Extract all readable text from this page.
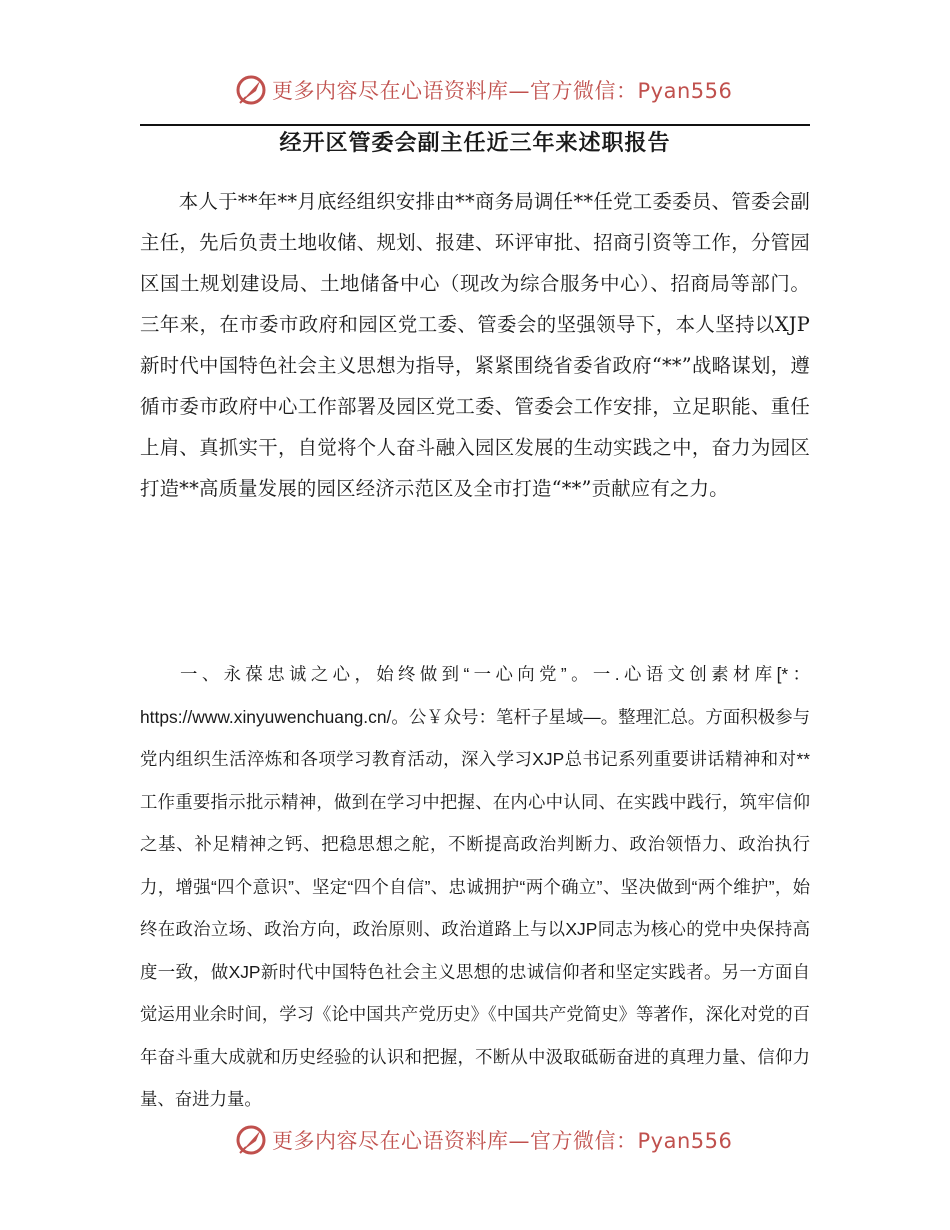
更多内容尽在心语资料库—官方微信：Pyan556
经开区管委会副主任近三年来述职报告

本人于**年**月底经组织安排由**商务局调任**任党工委委员、管委会副主任，先后负责土地收储、规划、报建、环评审批、招商引资等工作，分管园区国土规划建设局、土地储备中心（现改为综合服务中心）、招商局等部门。三年来，在市委市政府和园区党工委、管委会的坚强领导下，本人坚持以XJP新时代中国特色社会主义思想为指导，紧紧围绕省委省政府“**”战略谋划，遵循市委市政府中心工作部署及园区党工委、管委会工作安排，立足职能、重任上肩、真抓实干，自觉将个人奋斗融入园区发展的生动实践之中，奋力为园区打造**高质量发展的园区经济示范区及全市打造“**”贡献应有之力。

一、永葆忠诚之心，始终做到“一心向党”。一.心语文创素材库[*：https://www.xinyuwenchuang.cn/。公￥众号：笔杆子星域—。整理汇总。方面积极参与党内组织生活淬炼和各项学习教育活动，深入学习XJP总书记系列重要讲话精神和对**工作重要指示批示精神，做到在学习中把握、在内心中认同、在实践中践行，筑牢信仰之基、补足精神之钙、把稳思想之舵，不断提高政治判断力、政治领悟力、政治执行力，增强“四个意识”、坚定“四个自信”、忠诚拥护“两个确立”、坚决做到“两个维护”，始终在政治立场、政治方向，政治原则、政治道路上与以XJP同志为核心的党中央保持高度一致，做XJP新时代中国特色社会主义思想的忠诚信仰者和坚定实践者。另一方面自觉运用业余时间，学习《论中国共产党历史》《中国共产党简史》等著作，深化对党的百年奋斗重大成就和历史经验的认识和把握，不断从中汲取砥砺奋进的真理力量、信仰力量、奋进力量。

更多内容尽在心语资料库—官方微信：Pyan556
